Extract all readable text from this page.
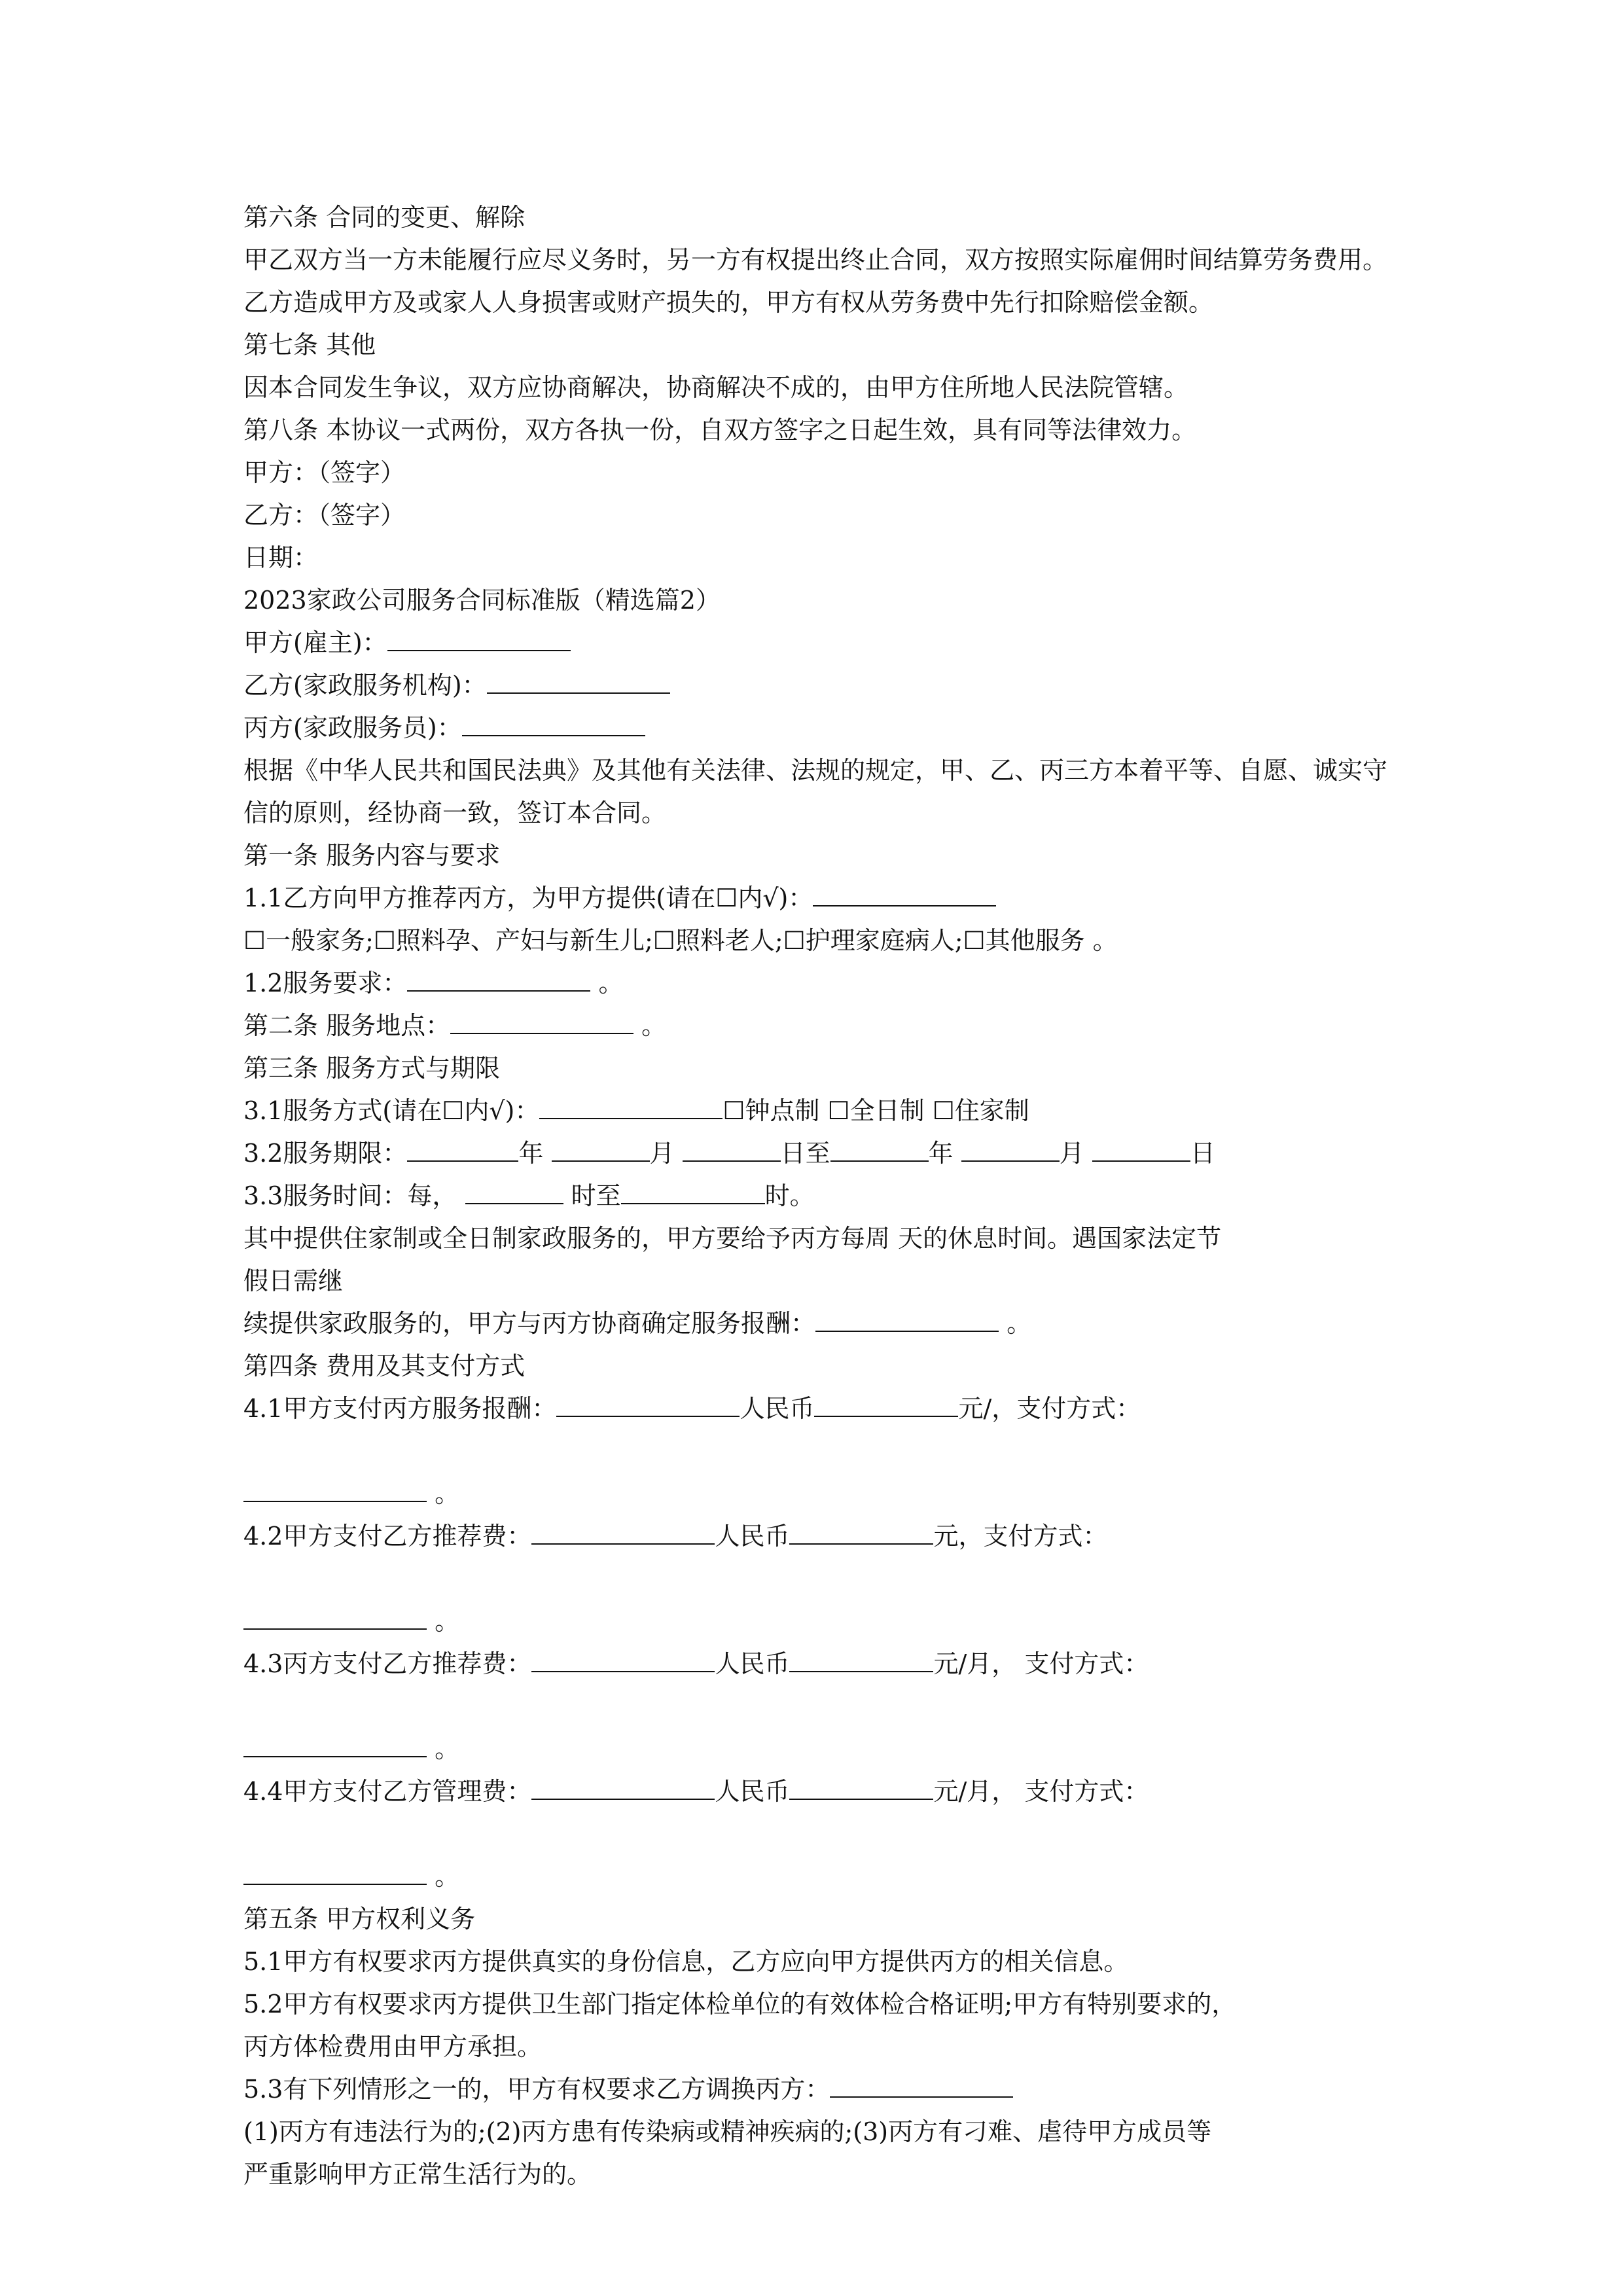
第六条 合同的变更、解除
甲乙双方当一方未能履行应尽义务时，另一方有权提出终止合同，双方按照实际雇佣时间结算劳务费用。乙方造成甲方及或家人人身损害或财产损失的，甲方有权从劳务费中先行扣除赔偿金额。
第七条 其他
因本合同发生争议，双方应协商解决，协商解决不成的，由甲方住所地人民法院管辖。
第八条 本协议一式两份，双方各执一份，自双方签字之日起生效，具有同等法律效力。
甲方：（签字）
乙方：（签字）
日期：
2023家政公司服务合同标准版（精选篇2）
甲方(雇主)：
乙方(家政服务机构)：
丙方(家政服务员)：
根据《中华人民共和国民法典》及其他有关法律、法规的规定，甲、乙、丙三方本着平等、自愿、诚实守信的原则，经协商一致，签订本合同。
第一条 服务内容与要求
1.1乙方向甲方推荐丙方，为甲方提供(请在☐内√)：
☐一般家务;☐照料孕、产妇与新生儿;☐照料老人;☐护理家庭病人;☐其他服务 。
1.2服务要求：	。
第二条 服务地点：	。
第三条 服务方式与期限
3.1服务方式(请在☐内√)：	☐钟点制 ☐全日制 ☐住家制
3.2服务期限：	年	月	日至	年	月	日
3.3服务时间：每，	时至	时。
其中提供住家制或全日制家政服务的，甲方要给予丙方每周 天的休息时间。遇国家法定节
假日需继
续提供家政服务的，甲方与丙方协商确定服务报酬：	。
第四条 费用及其支付方式
4.1甲方支付丙方服务报酬：	人民币	元/，支付方式：
。
4.2甲方支付乙方推荐费：	人民币	元，支付方式：
。
4.3丙方支付乙方推荐费：	人民币	元/月， 支付方式：
。
4.4甲方支付乙方管理费：	人民币	元/月， 支付方式：
。
第五条 甲方权利义务
5.1甲方有权要求丙方提供真实的身份信息，乙方应向甲方提供丙方的相关信息。
5.2甲方有权要求丙方提供卫生部门指定体检单位的有效体检合格证明;甲方有特别要求的，
丙方体检费用由甲方承担。
5.3有下列情形之一的，甲方有权要求乙方调换丙方：
(1)丙方有违法行为的;(2)丙方患有传染病或精神疾病的;(3)丙方有刁难、虐待甲方成员等
严重影响甲方正常生活行为的。
